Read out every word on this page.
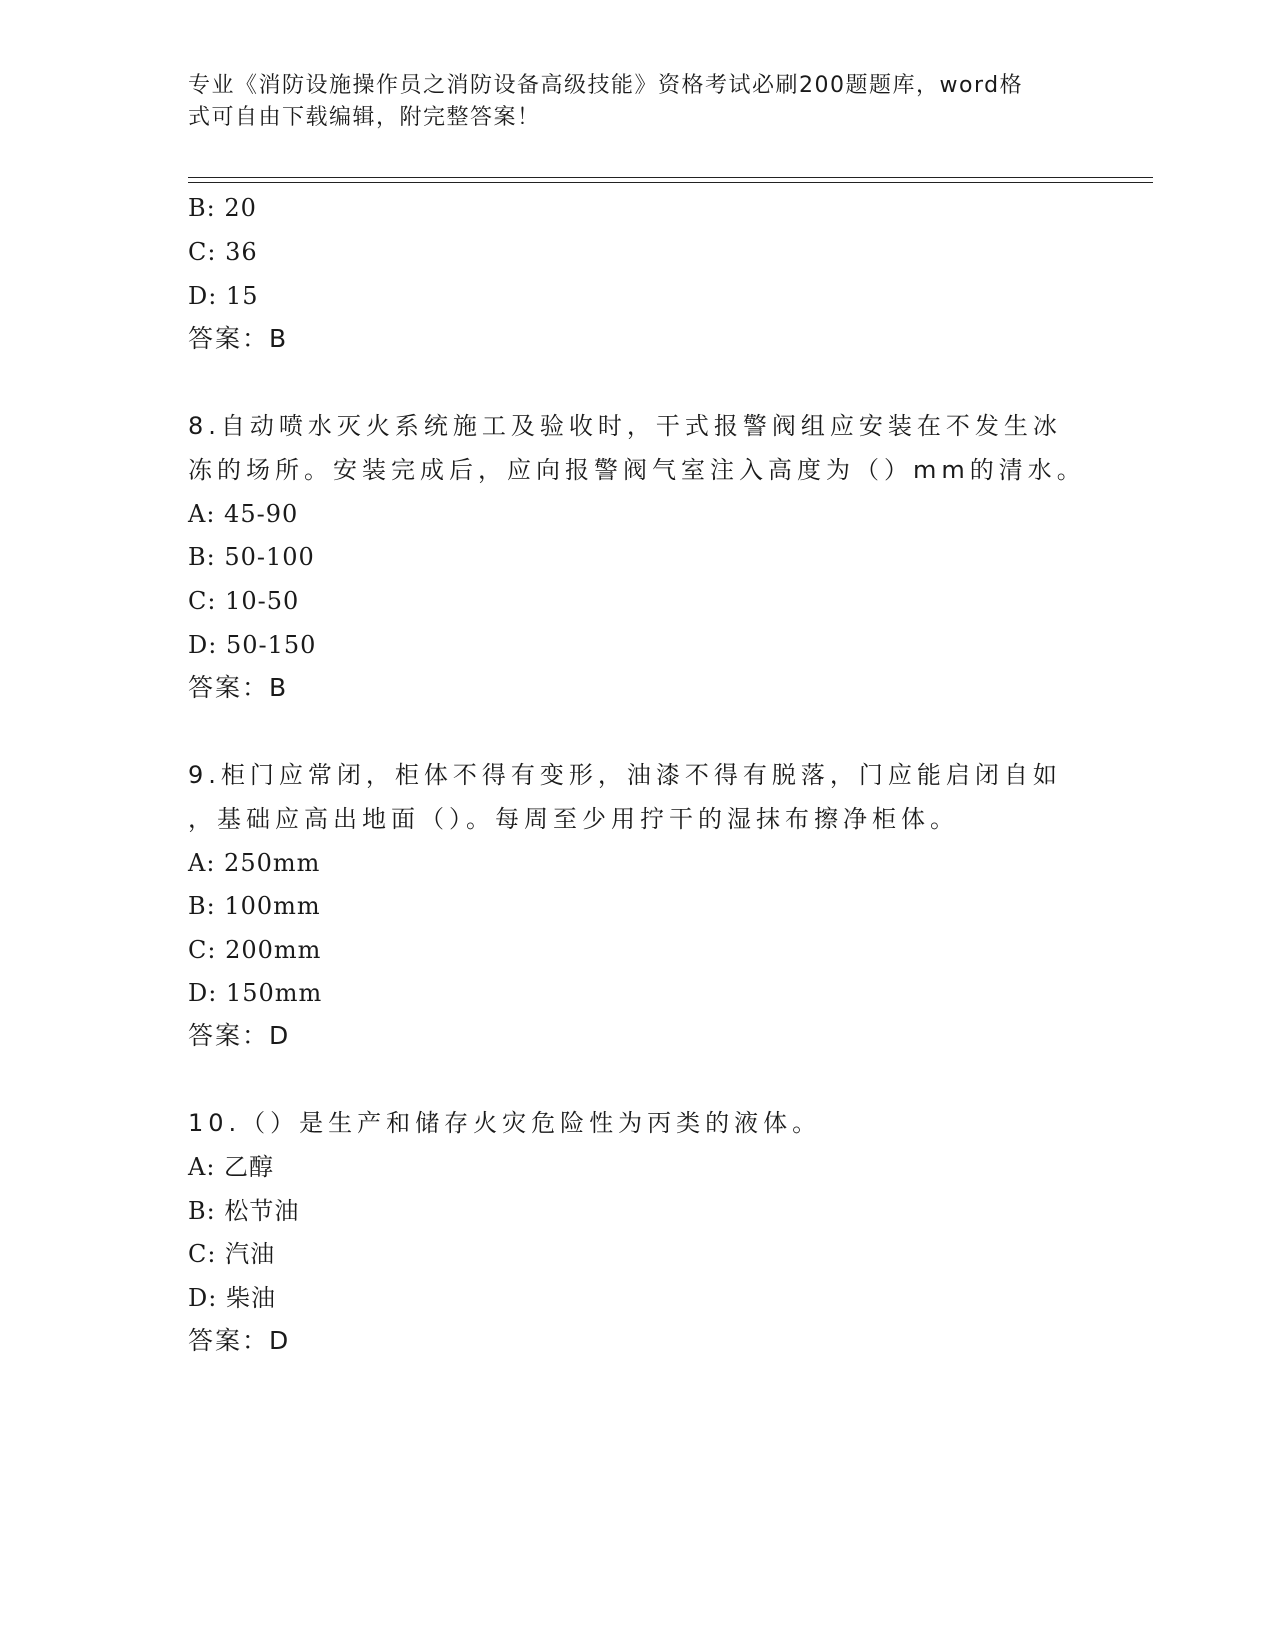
专业《消防设施操作员之消防设备高级技能》资格考试必刷200题题库，word格
式可自由下载编辑，附完整答案！
B: 20
C: 36
D: 15
答案：B
8.自动喷水灭火系统施工及验收时，干式报警阀组应安装在不发生冰
冻的场所。安装完成后，应向报警阀气室注入高度为（）mm的清水。
A: 45-90
B: 50-100
C: 10-50
D: 50-150
答案：B
9.柜门应常闭，柜体不得有变形，油漆不得有脱落，门应能启闭自如
，基础应高出地面（）。每周至少用拧干的湿抹布擦净柜体。
A: 250mm
B: 100mm
C: 200mm
D: 150mm
答案：D
10.（）是生产和储存火灾危险性为丙类的液体。
A: 乙醇
B: 松节油
C: 汽油
D: 柴油
答案：D
